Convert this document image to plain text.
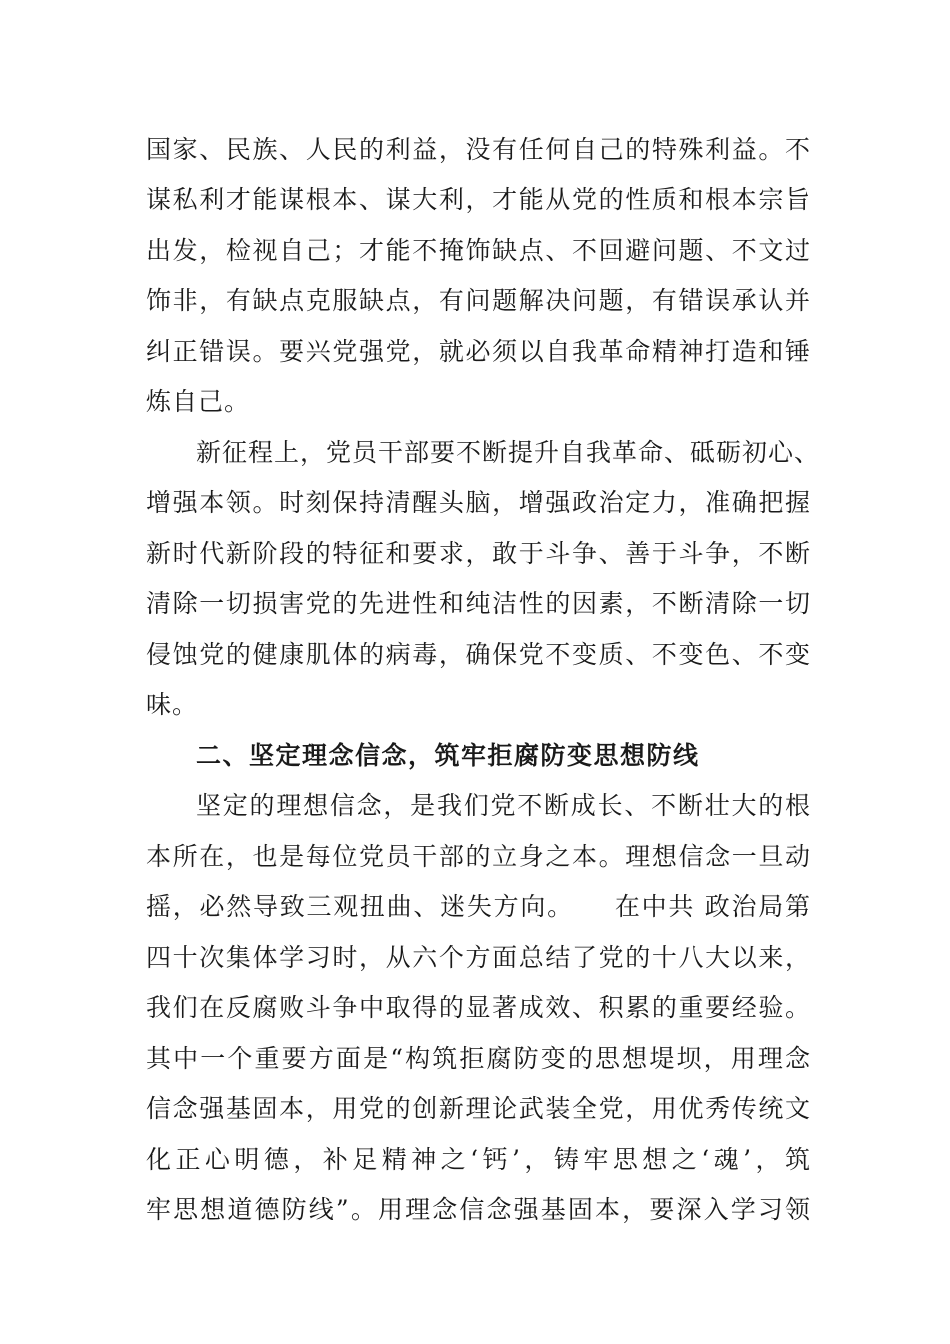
国家、民族、人民的利益，没有任何自己的特殊利益。不
谋私利才能谋根本、谋大利，才能从党的性质和根本宗旨
出发，检视自己；才能不掩饰缺点、不回避问题、不文过
饰非，有缺点克服缺点，有问题解决问题，有错误承认并
纠正错误。要兴党强党，就必须以自我革命精神打造和锤
炼自己。
新征程上，党员干部要不断提升自我革命、砥砺初心、
增强本领。时刻保持清醒头脑，增强政治定力，准确把握
新时代新阶段的特征和要求，敢于斗争、善于斗争，不断
清除一切损害党的先进性和纯洁性的因素，不断清除一切
侵蚀党的健康肌体的病毒，确保党不变质、不变色、不变
味。
二、坚定理念信念，筑牢拒腐防变思想防线
坚定的理想信念，是我们党不断成长、不断壮大的根
本所在，也是每位党员干部的立身之本。理想信念一旦动
摇，必然导致三观扭曲、迷失方向。　　在中共 政治局第
四十次集体学习时，从六个方面总结了党的十八大以来，
我们在反腐败斗争中取得的显著成效、积累的重要经验。
其中一个重要方面是“构筑拒腐防变的思想堤坝，用理念
信念强基固本，用党的创新理论武装全党，用优秀传统文
化正心明德，补足精神之‘钙’，铸牢思想之‘魂’，筑
牢思想道德防线”。用理念信念强基固本，要深入学习领
